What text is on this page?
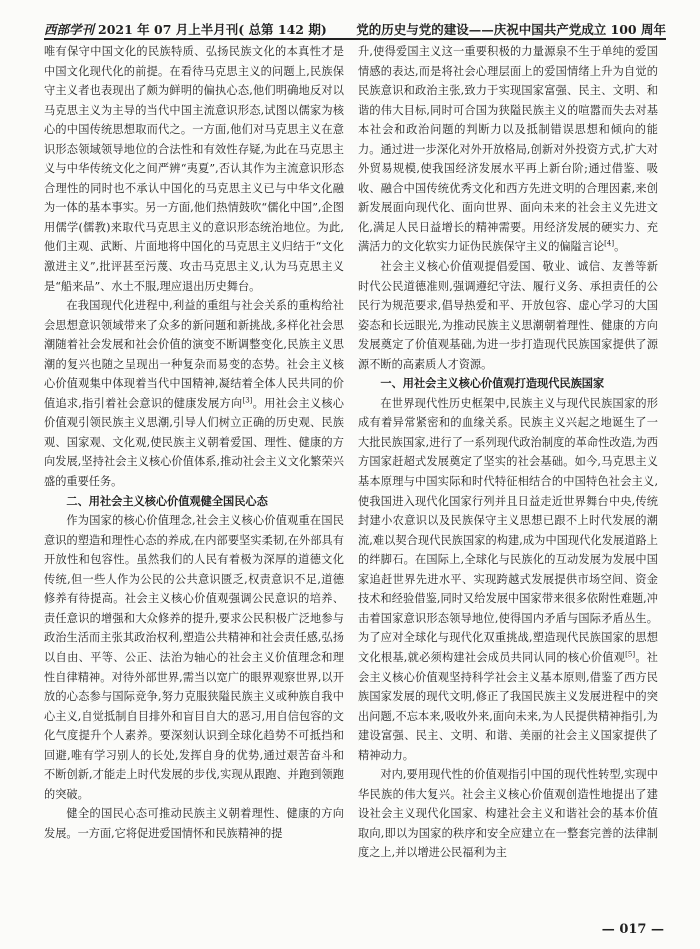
西部学刊 2021 年 07 月上半月刊( 总第 142 期) 党的历史与党的建设——庆祝中国共产党成立 100 周年

唯有保守中国文化的民族特质、弘扬民族文化的本真性才是中国文化现代化的前提。在看待马克思主义的问题上,民族保守主义者也表现出了颇为鲜明的偏执心态,他们明确地反对以马克思主义为主导的当代中国主流意识形态,试图以儒家为核心的中国传统思想取而代之。一方面,他们对马克思主义在意识形态领域领导地位的合法性和有效性存疑,为此在马克思主义与中华传统文化之间严辨“夷夏”,否认其作为主流意识形态合理性的同时也不承认中国化的马克思主义已与中华文化融为一体的基本事实。另一方面,他们热情鼓吹“儒化中国”,企图用儒学(儒教)来取代马克思主义的意识形态统治地位。为此,他们主观、武断、片面地将中国化的马克思主义归结于“文化激进主义”,批评甚至污蔑、攻击马克思主义,认为马克思主义是“船来品”、水土不服,理应退出历史舞台。

在我国现代化进程中,利益的重组与社会关系的重构给社会思想意识领域带来了众多的新问题和新挑战,多样化社会思潮随着社会发展和社会价值的演变不断调整变化,民族主义思潮的复兴也随之呈现出一种复杂而易变的态势。社会主义核心价值观集中体现着当代中国精神,凝结着全体人民共同的价值追求,指引着社会意识的健康发展方向[3]。用社会主义核心价值观引领民族主义思潮,引导人们树立正确的历史观、民族观、国家观、文化观,使民族主义朝着爱国、理性、健康的方向发展,坚持社会主义核心价值体系,推动社会主义文化繁荣兴盛的重要任务。

二、用社会主义核心价值观健全国民心态

作为国家的核心价值理念,社会主义核心价值观重在国民意识的塑造和理性心态的养成,在内部要坚实柔韧,在外部具有开放性和包容性。虽然我们的人民有着极为深厚的道德文化传统,但一些人作为公民的公共意识匮乏,权责意识不足,道德修养有待提高。社会主义核心价值观强调公民意识的培养、责任意识的增强和大众修养的提升,要求公民积极广泛地参与政治生活而主张其政治权利,塑造公共精神和社会责任感,弘扬以自由、平等、公正、法治为轴心的社会主义价值理念和理性自律精神。对待外部世界,需当以宽广的眼界观察世界,以开放的心态参与国际竞争,努力克服狭隘民族主义或种族自我中心主义,自觉抵制自目排外和盲目自大的恶习,用自信包容的文化气度提升个人素养。要深刻认识到全球化趋势不可抵挡和回避,唯有学习别人的长处,发挥自身的优势,通过艰苦奋斗和不断创新,才能走上时代发展的步伐,实现从跟跑、并跑到领跑的突破。

健全的国民心态可推动民族主义朝着理性、健康的方向发展。一方面,它将促进爱国情怀和民族精神的提

升,使得爱国主义这一重要积极的力量源泉不生于单纯的爱国情感的表达,而是将社会心理层面上的爱国情绪上升为自觉的民族意识和政治主张,致力于实现国家富强、民主、文明、和谐的伟大目标,同时可合国为狭隘民族主义的喧嚣而失去对基本社会和政治问题的判断力以及抵制错误思想和倾向的能力。通过进一步深化对外开放格局,创新对外投资方式,扩大对外贸易规模,使我国经济发展水平再上新台阶;通过借鉴、吸收、融合中国传统优秀文化和西方先进文明的合理因素,来创新发展面向现代化、面向世界、面向未来的社会主义先进文化,满足人民日益增长的精神需要。用经济发展的硬实力、充满活力的文化软实力证伪民族保守主义的偏隘言论[4]。

社会主义核心价值观提倡爱国、敬业、诚信、友善等新时代公民道德准则,强调遵纪守法、履行义务、承担责任的公民行为规范要求,倡导热爱和平、开放包容、虚心学习的大国姿态和长远眼光,为推动民族主义思潮朝着理性、健康的方向发展奠定了价值观基础,为进一步打造现代民族国家提供了源源不断的高素质人才资源。

一、用社会主义核心价值观打造现代民族国家

在世界现代性历史框架中,民族主义与现代民族国家的形成有着异常紧密和的血缘关系。民族主义兴起之地诞生了一大批民族国家,进行了一系列现代政治制度的革命性改造,为西方国家赶超式发展奠定了坚实的社会基础。如今,马克思主义基本原理与中国实际和时代特征相结合的中国特色社会主义,使我国进入现代化国家行列并且日益走近世界舞台中央,传统封建小农意识以及民族保守主义思想已跟不上时代发展的潮流,难以契合现代民族国家的构建,成为中国现代化发展道路上的绊脚石。在国际上,全球化与民族化的互动发展为发展中国家追赶世界先进水平、实现跨越式发展提供市场空间、资金技术和经验借鉴,同时又给发展中国家带来很多依附性难题,冲击着国家意识形态领导地位,使得国内矛盾与国际矛盾丛生。为了应对全球化与现代化双重挑战,塑造现代民族国家的思想文化根基,就必须构建社会成员共同认同的核心价值观[5]。社会主义核心价值观坚持科学社会主义基本原则,借鉴了西方民族国家发展的现代文明,修正了我国民族主义发展进程中的突出问题,不忘本来,吸收外来,面向未来,为人民提供精神指引,为建设富强、民主、文明、和谐、美丽的社会主义国家提供了精神动力。

对内,要用现代性的价值观指引中国的现代性转型,实现中华民族的伟大复兴。社会主义核心价值观创造性地提出了建设社会主义现代化国家、构建社会主义和谐社会的基本价值取向,即以为国家的秩序和安全应建立在一整套完善的法律制度之上,并以增进公民福利为主

— 017 —
